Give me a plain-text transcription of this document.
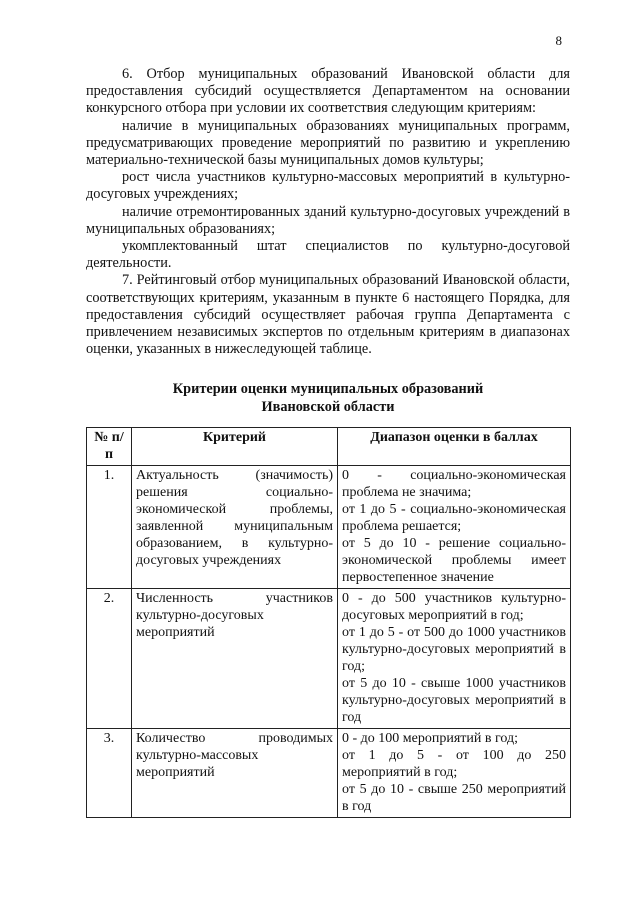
8

6. Отбор муниципальных образований Ивановской области для предоставления субсидий осуществляется Департаментом на основании конкурсного отбора при условии их соответствия следующим критериям:

наличие в муниципальных образованиях муниципальных программ, предусматривающих проведение мероприятий по развитию и укреплению материально-технической базы муниципальных домов культуры;

рост числа участников культурно-массовых мероприятий в культурно-досуговых учреждениях;

наличие отремонтированных зданий культурно-досуговых учреждений в муниципальных образованиях;

укомплектованный штат специалистов по культурно-досуговой деятельности.

7. Рейтинговый отбор муниципальных образований Ивановской области, соответствующих критериям, указанным в пункте 6 настоящего Порядка, для предоставления субсидий осуществляет рабочая группа Департамента с привлечением независимых экспертов по отдельным критериям в диапазонах оценки, указанных в нижеследующей таблице.

Критерии оценки муниципальных образований
Ивановской области
№ п/п	Критерий	Диапазон оценки в баллах
1.	Актуальность (значимость) решения социально-экономической проблемы, заявленной муниципальным образованием, в культурно-досуговых учреждениях	0 - социально-экономическая проблема не значима;
от 1 до 5 - социально-экономическая проблема решается;
от 5 до 10 - решение социально-экономической проблемы имеет первостепенное значение

2.	Численность участников культурно-досуговых мероприятий	0 - до 500 участников культурно-досуговых мероприятий в год;
от 1 до 5 - от 500 до 1000 участников культурно-досуговых мероприятий в год;
от 5 до 10 - свыше 1000 участников культурно-досуговых мероприятий в год

3.	Количество проводимых культурно-массовых мероприятий	0 - до 100 мероприятий в год;
от 1 до 5 - от 100 до 250 мероприятий в год;
от 5 до 10 - свыше 250 мероприятий в год
